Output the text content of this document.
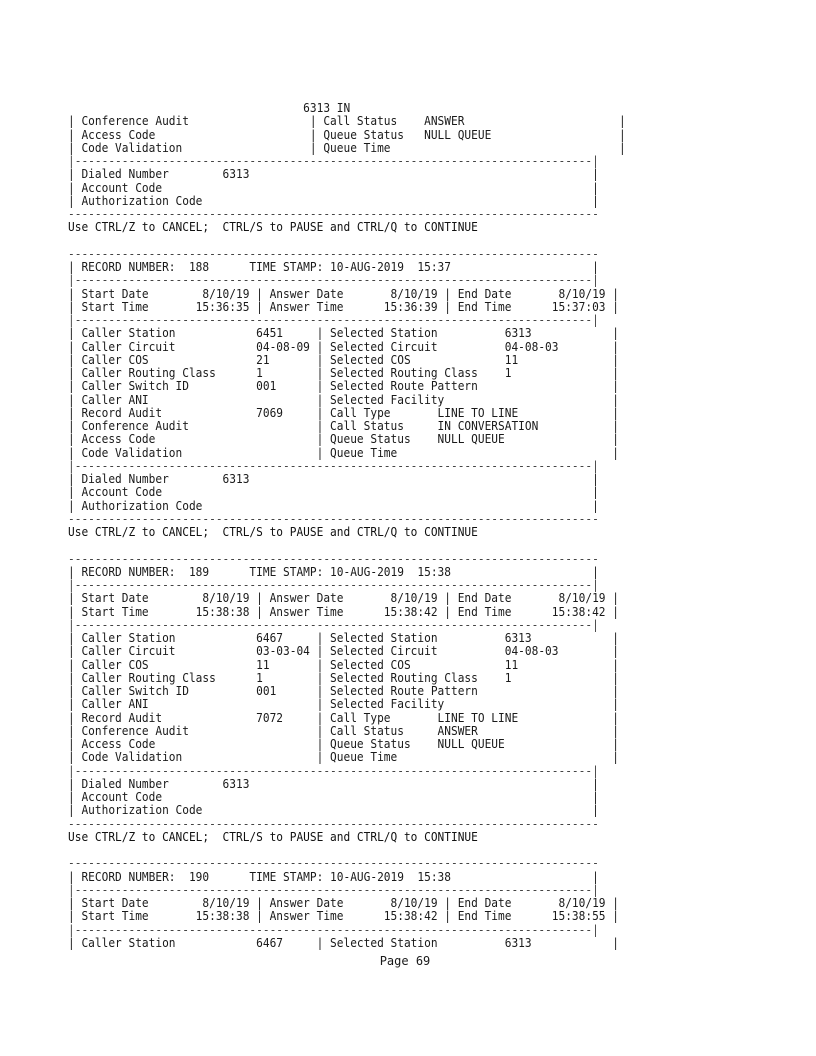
Page 69
6313 IN
| Conference Audit                  | Call Status    ANSWER                       |
| Access Code                       | Queue Status   NULL QUEUE                   |
| Code Validation                   | Queue Time                                  |
|-----------------------------------------------------------------------------|
| Dialed Number        6313                                                   |
| Account Code                                                                |
| Authorization Code                                                          |
-------------------------------------------------------------------------------
Use CTRL/Z to CANCEL;  CTRL/S to PAUSE and CTRL/Q to CONTINUE
-------------------------------------------------------------------------------
| RECORD NUMBER:  188      TIME STAMP: 10-AUG-2019  15:37                     |
|-----------------------------------------------------------------------------|
| Start Date        8/10/19 | Answer Date       8/10/19 | End Date       8/10/19 |
| Start Time       15:36:35 | Answer Time      15:36:39 | End Time      15:37:03 |
|-----------------------------------------------------------------------------|
| Caller Station            6451     | Selected Station          6313            |
| Caller Circuit            04-08-09 | Selected Circuit          04-08-03        |
| Caller COS                21       | Selected COS              11              |
| Caller Routing Class      1        | Selected Routing Class    1               |
| Caller Switch ID          001      | Selected Route Pattern                    |
| Caller ANI                         | Selected Facility                         |
| Record Audit              7069     | Call Type       LINE TO LINE              |
| Conference Audit                   | Call Status     IN CONVERSATION           |
| Access Code                        | Queue Status    NULL QUEUE                |
| Code Validation                    | Queue Time                                |
|-----------------------------------------------------------------------------|
| Dialed Number        6313                                                   |
| Account Code                                                                |
| Authorization Code                                                          |
-------------------------------------------------------------------------------
Use CTRL/Z to CANCEL;  CTRL/S to PAUSE and CTRL/Q to CONTINUE
-------------------------------------------------------------------------------
| RECORD NUMBER:  189      TIME STAMP: 10-AUG-2019  15:38                     |
|-----------------------------------------------------------------------------|
| Start Date        8/10/19 | Answer Date       8/10/19 | End Date       8/10/19 |
| Start Time       15:38:38 | Answer Time      15:38:42 | End Time      15:38:42 |
|-----------------------------------------------------------------------------|
| Caller Station            6467     | Selected Station          6313            |
| Caller Circuit            03-03-04 | Selected Circuit          04-08-03        |
| Caller COS                11       | Selected COS              11              |
| Caller Routing Class      1        | Selected Routing Class    1               |
| Caller Switch ID          001      | Selected Route Pattern                    |
| Caller ANI                         | Selected Facility                         |
| Record Audit              7072     | Call Type       LINE TO LINE              |
| Conference Audit                   | Call Status     ANSWER                    |
| Access Code                        | Queue Status    NULL QUEUE                |
| Code Validation                    | Queue Time                                |
|-----------------------------------------------------------------------------|
| Dialed Number        6313                                                   |
| Account Code                                                                |
| Authorization Code                                                          |
-------------------------------------------------------------------------------
Use CTRL/Z to CANCEL;  CTRL/S to PAUSE and CTRL/Q to CONTINUE
-------------------------------------------------------------------------------
| RECORD NUMBER:  190      TIME STAMP: 10-AUG-2019  15:38                     |
|-----------------------------------------------------------------------------|
| Start Date        8/10/19 | Answer Date       8/10/19 | End Date       8/10/19 |
| Start Time       15:38:38 | Answer Time      15:38:42 | End Time      15:38:55 |
|-----------------------------------------------------------------------------|
| Caller Station            6467     | Selected Station          6313            |
